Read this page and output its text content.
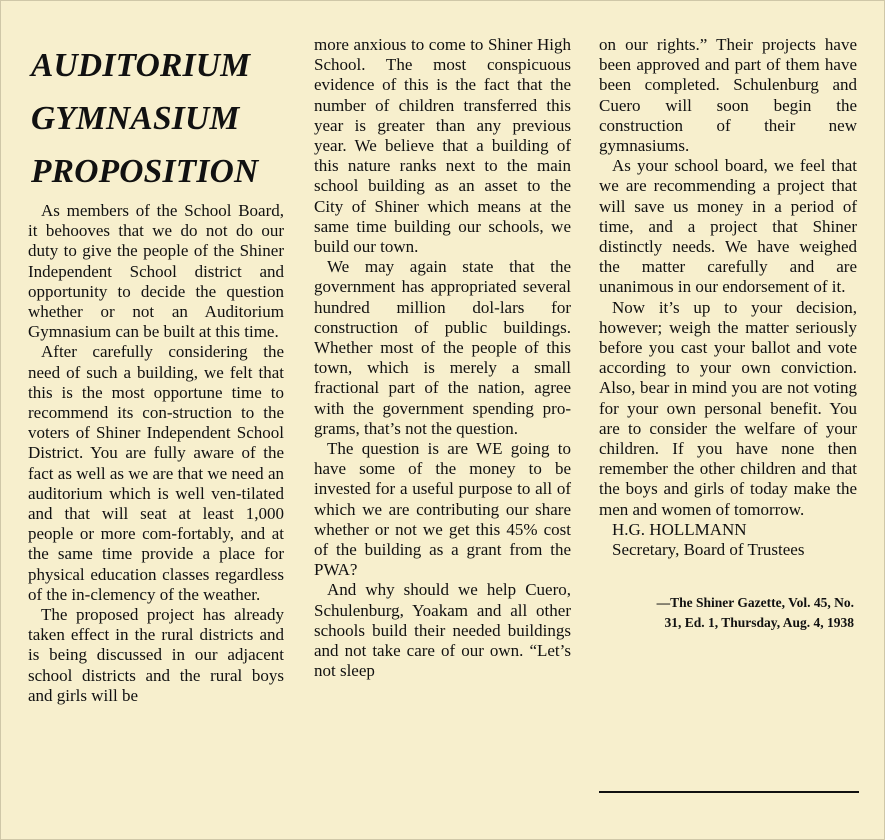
AUDITORIUM
GYMNASIUM
PROPOSITION

As members of the School Board, it behooves that we do not do our duty to give the people of the Shiner Independent School district and opportunity to decide the question whether or not an Auditorium Gymnasium can be built at this time.

After carefully considering the need of such a building, we felt that this is the most opportune time to recommend its con-struction to the voters of Shiner Independent School District. You are fully aware of the fact as well as we are that we need an auditorium which is well ven-tilated and that will seat at least 1,000 people or more com-fortably, and at the same time provide a place for physical education classes regardless of the in-clemency of the weather.

The proposed project has already taken effect in the rural districts and is being discussed in our adjacent school districts and the rural boys and girls will be

more anxious to come to Shiner High School. The most conspicuous evidence of this is the fact that the number of children transferred this year is greater than any previous year. We believe that a building of this nature ranks next to the main school building as an asset to the City of Shiner which means at the same time building our schools, we build our town.

We may again state that the government has appropriated several hundred million dol-lars for construction of public buildings. Whether most of the people of this town, which is merely a small fractional part of the nation, agree with the government spending pro-grams, that’s not the question.

The question is are WE going to have some of the money to be invested for a useful purpose to all of which we are contributing our share whether or not we get this 45% cost of the building as a grant from the PWA?

And why should we help Cuero, Schulenburg, Yoakam and all other schools build their needed buildings and not take care of our own. “Let’s not sleep

on our rights.” Their projects have been approved and part of them have been completed. Schulenburg and Cuero will soon begin the construction of their new gymnasiums.

As your school board, we feel that we are recommending a project that will save us money in a period of time, and a project that Shiner distinctly needs. We have weighed the matter carefully and are unanimous in our endorsement of it.

Now it’s up to your decision, however; weigh the matter seriously before you cast your ballot and vote according to your own conviction. Also, bear in mind you are not voting for your own personal benefit. You are to consider the welfare of your children. If you have none then remember the other children and that the boys and girls of today make the men and women of tomorrow.

H.G. HOLLMANN
Secretary, Board of Trustees
—The Shiner Gazette, Vol. 45, No.
31, Ed. 1, Thursday, Aug. 4, 1938
